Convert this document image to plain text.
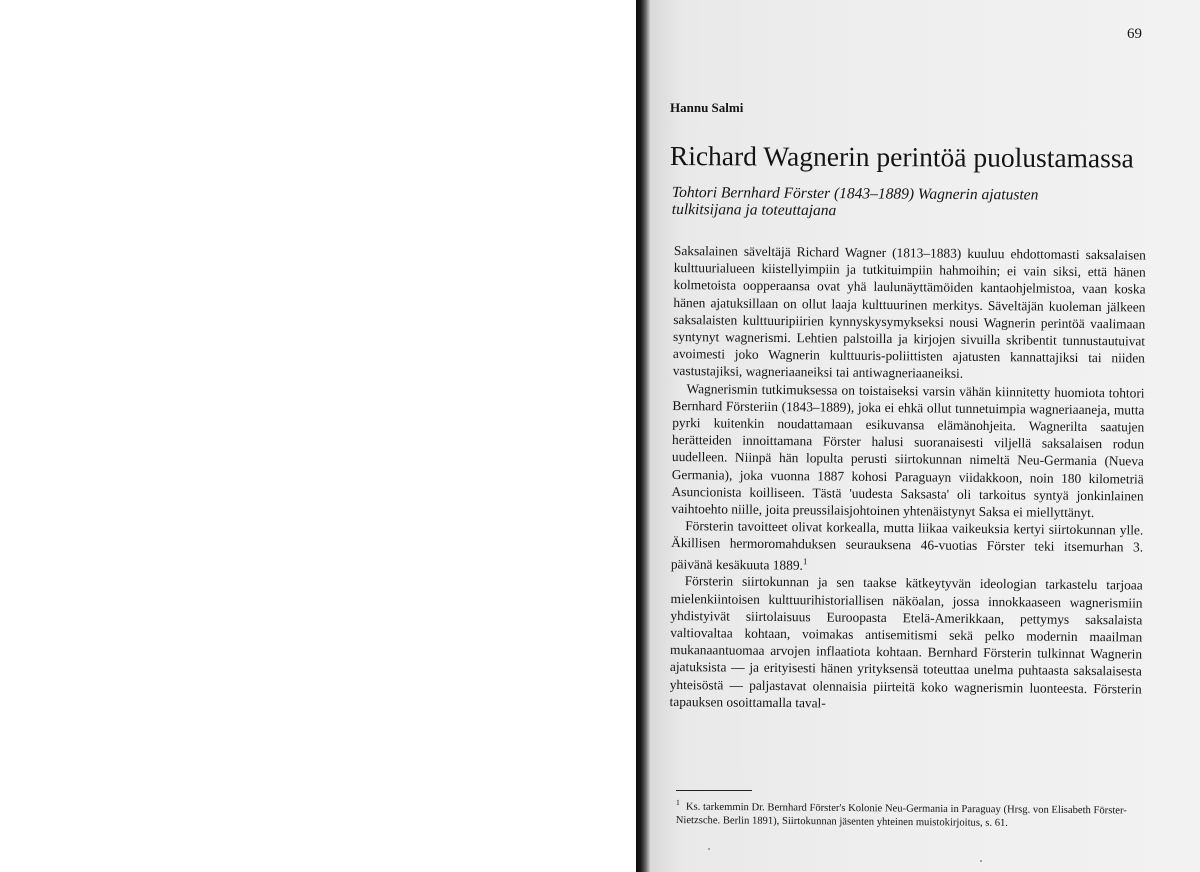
69
Hannu Salmi
Richard Wagnerin perintöä puolustamassa
Tohtori Bernhard Förster (1843–1889) Wagnerin ajatusten tulkitsijana ja toteuttajana

Saksalainen säveltäjä Richard Wagner (1813–1883) kuuluu ehdottomasti saksalaisen kulttuurialueen kiistellyimpiin ja tutkituimpiin hahmoihin; ei vain siksi, että hänen kolmetoista oopperaansa ovat yhä laulunäyttämöiden kantaohjelmistoa, vaan koska hänen ajatuksillaan on ollut laaja kulttuurinen merkitys. Säveltäjän kuoleman jälkeen saksalaisten kulttuuripiirien kynnyskysymykseksi nousi Wagnerin perintöä vaalimaan syntynyt wagnerismi. Lehtien palstoilla ja kirjojen sivuilla skribentit tunnustautuivat avoimesti joko Wagnerin kulttuuris-poliittisten ajatusten kannattajiksi tai niiden vastustajiksi, wagneriaaneiksi tai antiwagneriaaneiksi.

Wagnerismin tutkimuksessa on toistaiseksi varsin vähän kiinnitetty huomiota tohtori Bernhard Försteriin (1843–1889), joka ei ehkä ollut tunnetuimpia wagneriaaneja, mutta pyrki kuitenkin noudattamaan esikuvansa elämänohjeita. Wagnerilta saatujen herätteiden innoittamana Förster halusi suoranaisesti viljellä saksalaisen rodun uudelleen. Niinpä hän lopulta perusti siirtokunnan nimeltä Neu-Germania (Nueva Germania), joka vuonna 1887 kohosi Paraguayn viidakkoon, noin 180 kilometriä Asuncionista koilliseen. Tästä 'uudesta Saksasta' oli tarkoitus syntyä jonkinlainen vaihtoehto niille, joita preussilaisjohtoinen yhtenäistynyt Saksa ei miellyttänyt.

Försterin tavoitteet olivat korkealla, mutta liikaa vaikeuksia kertyi siirtokunnan ylle. Äkillisen hermoromahduksen seurauksena 46-vuotias Förster teki itsemurhan 3. päivänä kesäkuuta 1889.$^1$

Försterin siirtokunnan ja sen taakse kätkeytyvän ideologian tarkastelu tarjoaa mielenkiintoisen kulttuurihistoriallisen näköalan, jossa innokkaaseen wagnerismiin yhdistyivät siirtolaisuus Euroopasta Etelä-Amerikkaan, pettymys saksalaista valtiovaltaa kohtaan, voimakas antisemitismi sekä pelko modernin maailman mukanaantuomaa arvojen inflaatiota kohtaan. Bernhard Försterin tulkinnat Wagnerin ajatuksista — ja erityisesti hänen yrityksensä toteuttaa unelma puhtaasta saksalaisesta yhteisöstä — paljastavat olennaisia piirteitä koko wagnerismin luonteesta. Försterin tapauksen osoittamalla taval-

$^1$ Ks. tarkemmin Dr. Bernhard Förster's Kolonie Neu-Germania in Paraguay (Hrsg. von Elisabeth Förster-Nietzsche. Berlin 1891), Siirtokunnan jäsenten yhteinen muistokirjoitus, s. 61.
